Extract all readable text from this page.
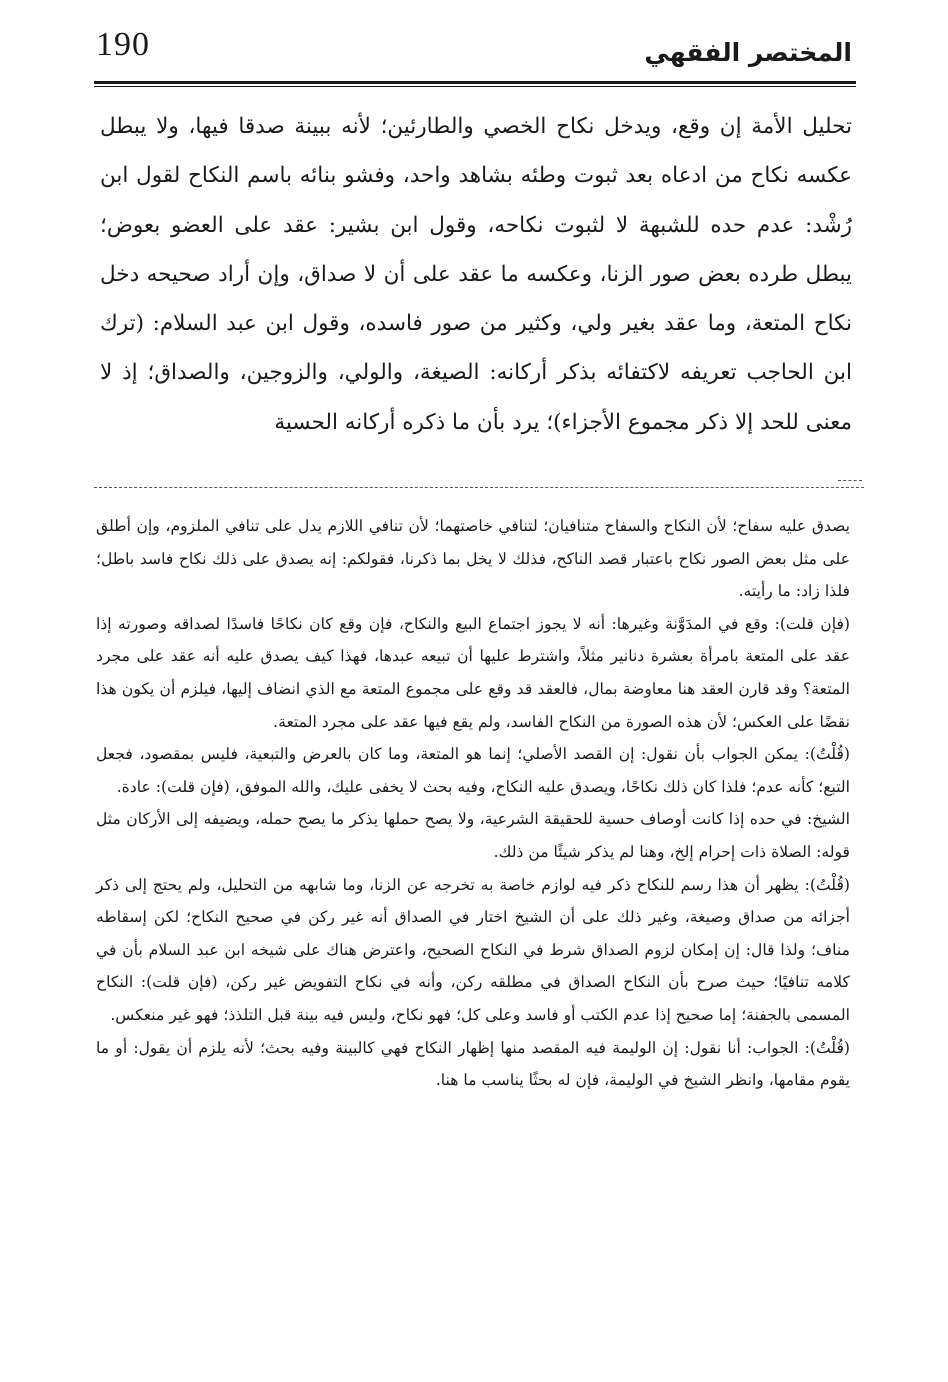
190	المختصر الفقهي

تحليل الأمة إن وقع، ويدخل نكاح الخصي والطارئين؛ لأنه ببينة صدقا فيها، ولا يبطل عكسه نكاح من ادعاه بعد ثبوت وطئه بشاهد واحد، وفشو بنائه باسم النكاح لقول ابن رُشْد: عدم حده للشبهة لا لثبوت نكاحه، وقول ابن بشير: عقد على العضو بعوض؛ يبطل طرده بعض صور الزنا، وعكسه ما عقد على أن لا صداق، وإن أراد صحيحه دخل نكاح المتعة، وما عقد بغير ولي، وكثير من صور فاسده، وقول ابن عبد السلام: (ترك ابن الحاجب تعريفه لاكتفائه بذكر أركانه: الصيغة، والولي، والزوجين، والصداق؛ إذ لا معنى للحد إلا ذكر مجموع الأجزاء)؛ يرد بأن ما ذكره أركانه الحسية

يصدق عليه سفاح؛ لأن النكاح والسفاح متنافيان؛ لتنافي خاصتهما؛ لأن تنافي اللازم يدل على تنافي الملزوم، وإن أطلق على مثل بعض الصور نكاح باعتبار قصد الناكح، فذلك لا يخل بما ذكرنا، فقولكم: إنه يصدق على ذلك نكاح فاسد باطل؛ فلذا زاد: ما رأيته.

(فإن قلت): وقع في المدَوَّنة وغيرها: أنه لا يجوز اجتماع البيع والنكاح، فإن وقع كان نكاحًا فاسدًا لصداقه وصورته إذا عقد على المتعة بامرأة بعشرة دنانير مثلاً، واشترط عليها أن تبيعه عبدها، فهذا كيف يصدق عليه أنه عقد على مجرد المتعة؟ وقد قارن العقد هنا معاوضة بمال، فالعقد قد وقع على مجموع المتعة مع الذي انضاف إليها، فيلزم أن يكون هذا نقضًا على العكس؛ لأن هذه الصورة من النكاح الفاسد، ولم يقع فيها عقد على مجرد المتعة.

(قُلْتُ): يمكن الجواب بأن نقول: إن القصد الأصلي؛ إنما هو المتعة، وما كان بالعرض والتبعية، فليس بمقصود، فجعل التبع؛ كأنه عدم؛ فلذا كان ذلك نكاحًا، ويصدق عليه النكاح، وفيه بحث لا يخفى عليك، والله الموفق، (فإن قلت): عادة.

الشيخ: في حده إذا كانت أوصاف حسية للحقيقة الشرعية، ولا يصح حملها يذكر ما يصح حمله، ويضيفه إلى الأركان مثل قوله: الصلاة ذات إحرام إلخ، وهنا لم يذكر شيئًا من ذلك.

(قُلْتُ): يظهر أن هذا رسم للنكاح ذكر فيه لوازم خاصة به تخرجه عن الزنا، وما شابهه من التحليل، ولم يحتج إلى ذكر أجزائه من صداق وصيغة، وغير ذلك على أن الشيخ اختار في الصداق أنه غير ركن في صحيح النكاح؛ لكن إسقاطه مناف؛ ولذا قال: إن إمكان لزوم الصداق شرط في النكاح الصحيح، واعترض هناك على شيخه ابن عبد السلام بأن في كلامه تنافيًا؛ حيث صرح بأن النكاح الصداق في مطلقه ركن، وأنه في نكاح التفويض غير ركن، (فإن قلت): النكاح المسمى بالجفنة؛ إما صحيح إذا عدم الكتب أو فاسد وعلى كل؛ فهو نكاح، وليس فيه بينة قبل التلذذ؛ فهو غير منعكس.

(قُلْتُ): الجواب: أنا نقول: إن الوليمة فيه المقصد منها إظهار النكاح فهي كالبينة وفيه بحث؛ لأنه يلزم أن يقول: أو ما يقوم مقامها، وانظر الشيخ في الوليمة، فإن له بحثًا يناسب ما هنا.
